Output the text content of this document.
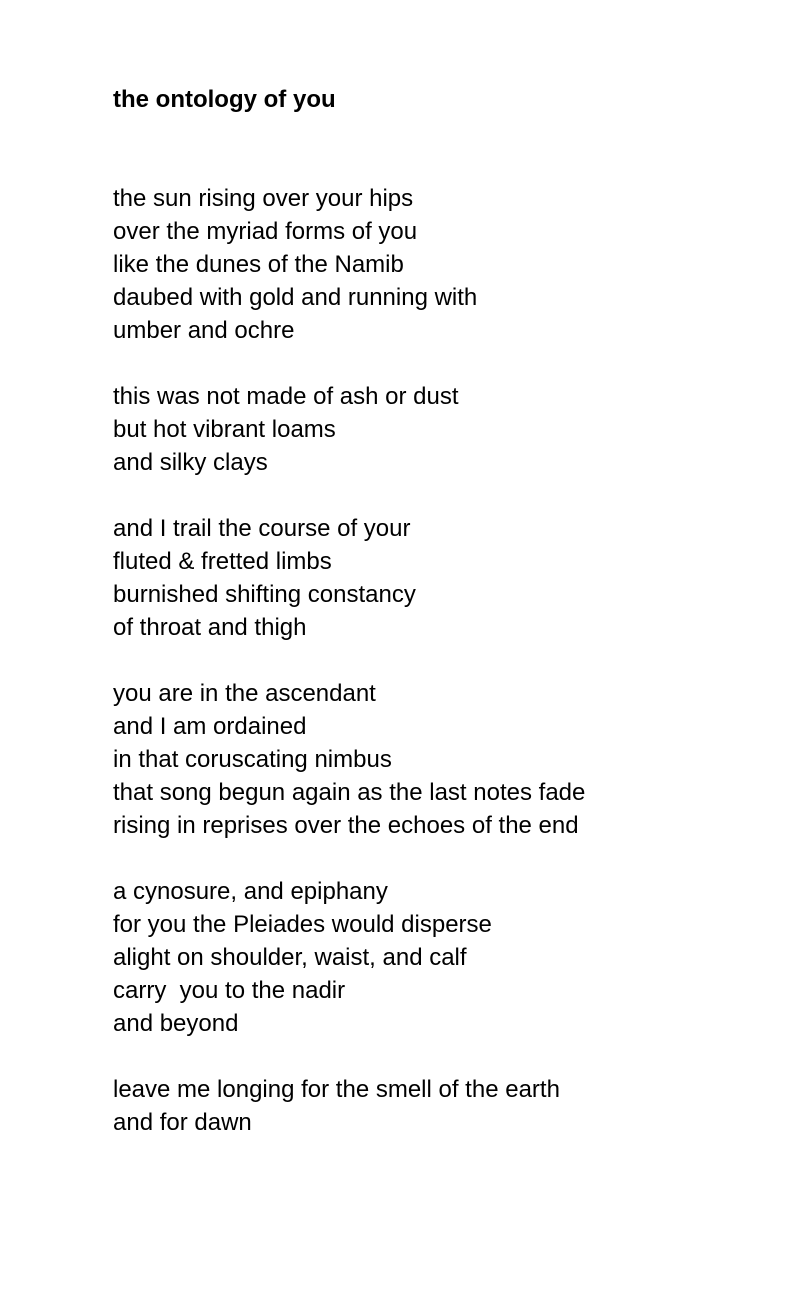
the ontology of you
the sun rising over your hips
over the myriad forms of you
like the dunes of the Namib
daubed with gold and running with
umber and ochre
this was not made of ash or dust
but hot vibrant loams
and silky clays
and I trail the course of your
fluted & fretted limbs
burnished shifting constancy
of throat and thigh
you are in the ascendant
and I am ordained
in that coruscating nimbus
that song begun again as the last notes fade
rising in reprises over the echoes of the end
a cynosure, and epiphany
for you the Pleiades would disperse
alight on shoulder, waist, and calf
carry  you to the nadir
and beyond
leave me longing for the smell of the earth
and for dawn
